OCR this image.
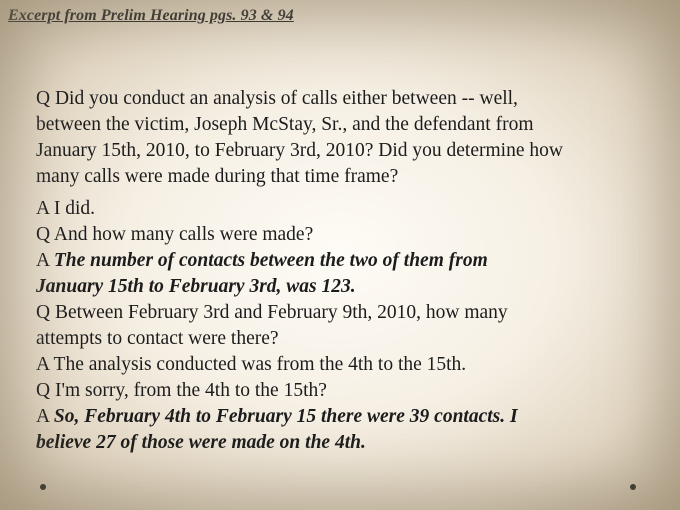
Excerpt from Prelim Hearing pgs. 93 & 94
Q Did you conduct an analysis of calls either between -- well,
between the victim, Joseph McStay, Sr., and the defendant from
January 15th, 2010, to February 3rd, 2010? Did you determine how
many calls were made during that time frame?
A I did.
Q And how many calls were made?
A The number of contacts between the two of them from
January 15th to February 3rd, was 123.
Q Between February 3rd and February 9th, 2010, how many
attempts to contact were there?
A The analysis conducted was from the 4th to the 15th.
Q I'm sorry, from the 4th to the 15th?
A So, February 4th to February 15 there were 39 contacts. I
believe 27 of those were made on the 4th.
